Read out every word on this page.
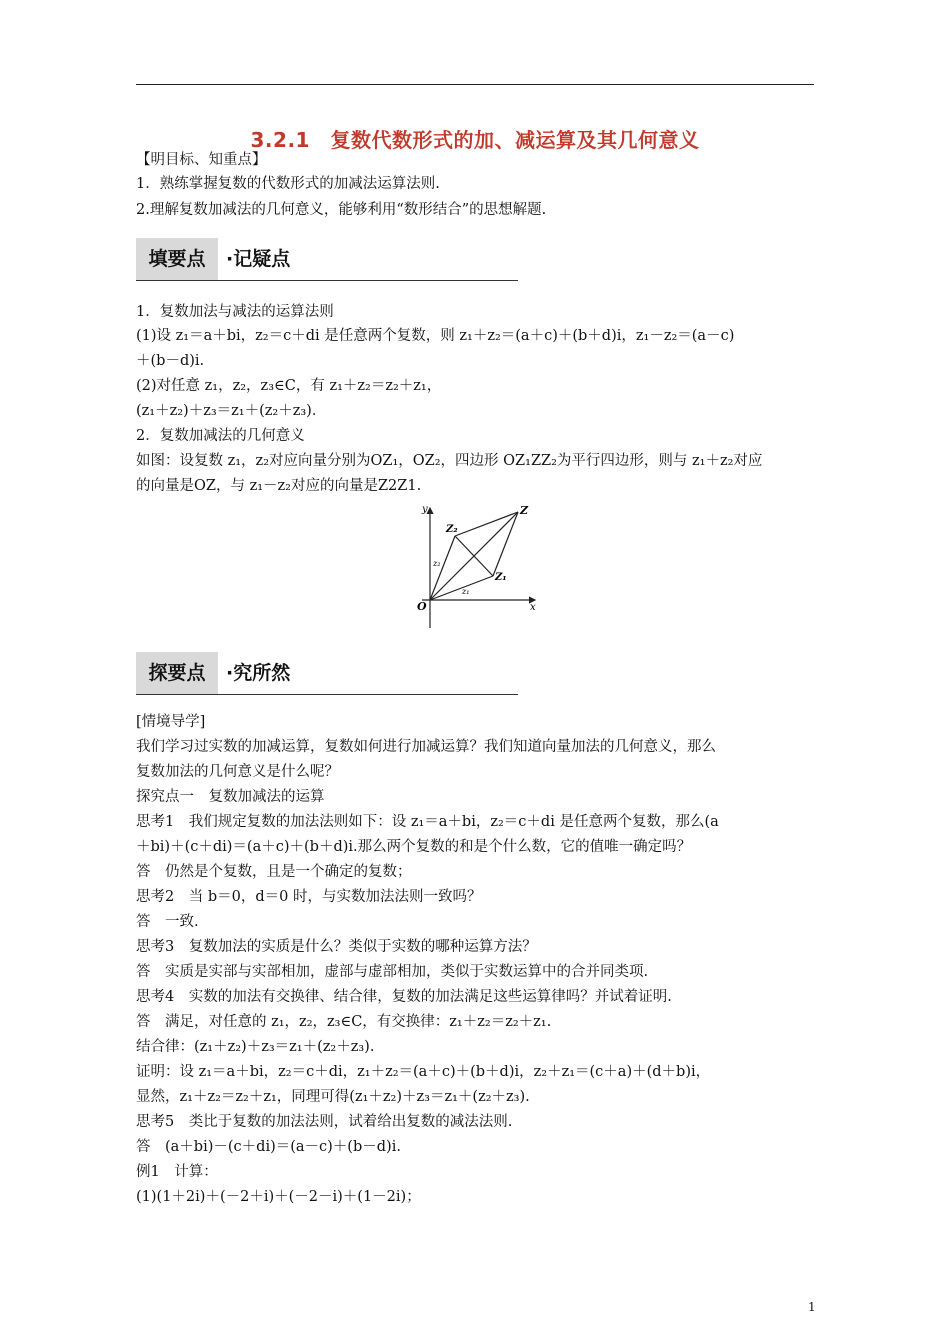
3.2.1　复数代数形式的加、减运算及其几何意义
【明目标、知重点】
1．熟练掌握复数的代数形式的加减法运算法则.
2.理解复数加减法的几何意义，能够利用“数形结合”的思想解题.
填要点	·记疑点
1．复数加法与减法的运算法则
(1)设 z₁＝a＋bi，z₂＝c＋di 是任意两个复数，则 z₁＋z₂＝(a＋c)＋(b＋d)i，z₁－z₂＝(a－c)
＋(b－d)i.
(2)对任意 z₁，z₂，z₃∈C，有 z₁＋z₂＝z₂＋z₁，
(z₁＋z₂)＋z₃＝z₁＋(z₂＋z₃)．
2．复数加减法的几何意义
如图：设复数 z₁，z₂对应向量分别为OZ₁，OZ₂，四边形 OZ₁ZZ₂为平行四边形，则与 z₁＋z₂对应
的向量是OZ，与 z₁－z₂对应的向量是Z2Z1.
y
x
O
Z
Z₁
Z₂
z₁
z₂
探要点	·究所然
[情境导学]
我们学习过实数的加减运算，复数如何进行加减运算？我们知道向量加法的几何意义，那么
复数加法的几何意义是什么呢？
探究点一　复数加减法的运算
思考1　我们规定复数的加法法则如下：设 z₁＝a＋bi，z₂＝c＋di 是任意两个复数，那么(a
＋bi)＋(c＋di)＝(a＋c)＋(b＋d)i.那么两个复数的和是个什么数，它的值唯一确定吗？
答　仍然是个复数，且是一个确定的复数；
思考2　当 b＝0，d＝0 时，与实数加法法则一致吗？
答　一致.
思考3　复数加法的实质是什么？类似于实数的哪种运算方法？
答　实质是实部与实部相加，虚部与虚部相加，类似于实数运算中的合并同类项.
思考4　实数的加法有交换律、结合律，复数的加法满足这些运算律吗？并试着证明.
答　满足，对任意的 z₁，z₂，z₃∈C，有交换律：z₁＋z₂＝z₂＋z₁.
结合律：(z₁＋z₂)＋z₃＝z₁＋(z₂＋z₃).
证明：设 z₁＝a＋bi，z₂＝c＋di，z₁＋z₂＝(a＋c)＋(b＋d)i，z₂＋z₁＝(c＋a)＋(d＋b)i，
显然，z₁＋z₂＝z₂＋z₁，同理可得(z₁＋z₂)＋z₃＝z₁＋(z₂＋z₃).
思考5　类比于复数的加法法则，试着给出复数的减法法则.
答　(a＋bi)－(c＋di)＝(a－c)＋(b－d)i.
例1　计算：
(1)(1＋2i)＋(－2＋i)＋(－2－i)＋(1－2i)；
1
